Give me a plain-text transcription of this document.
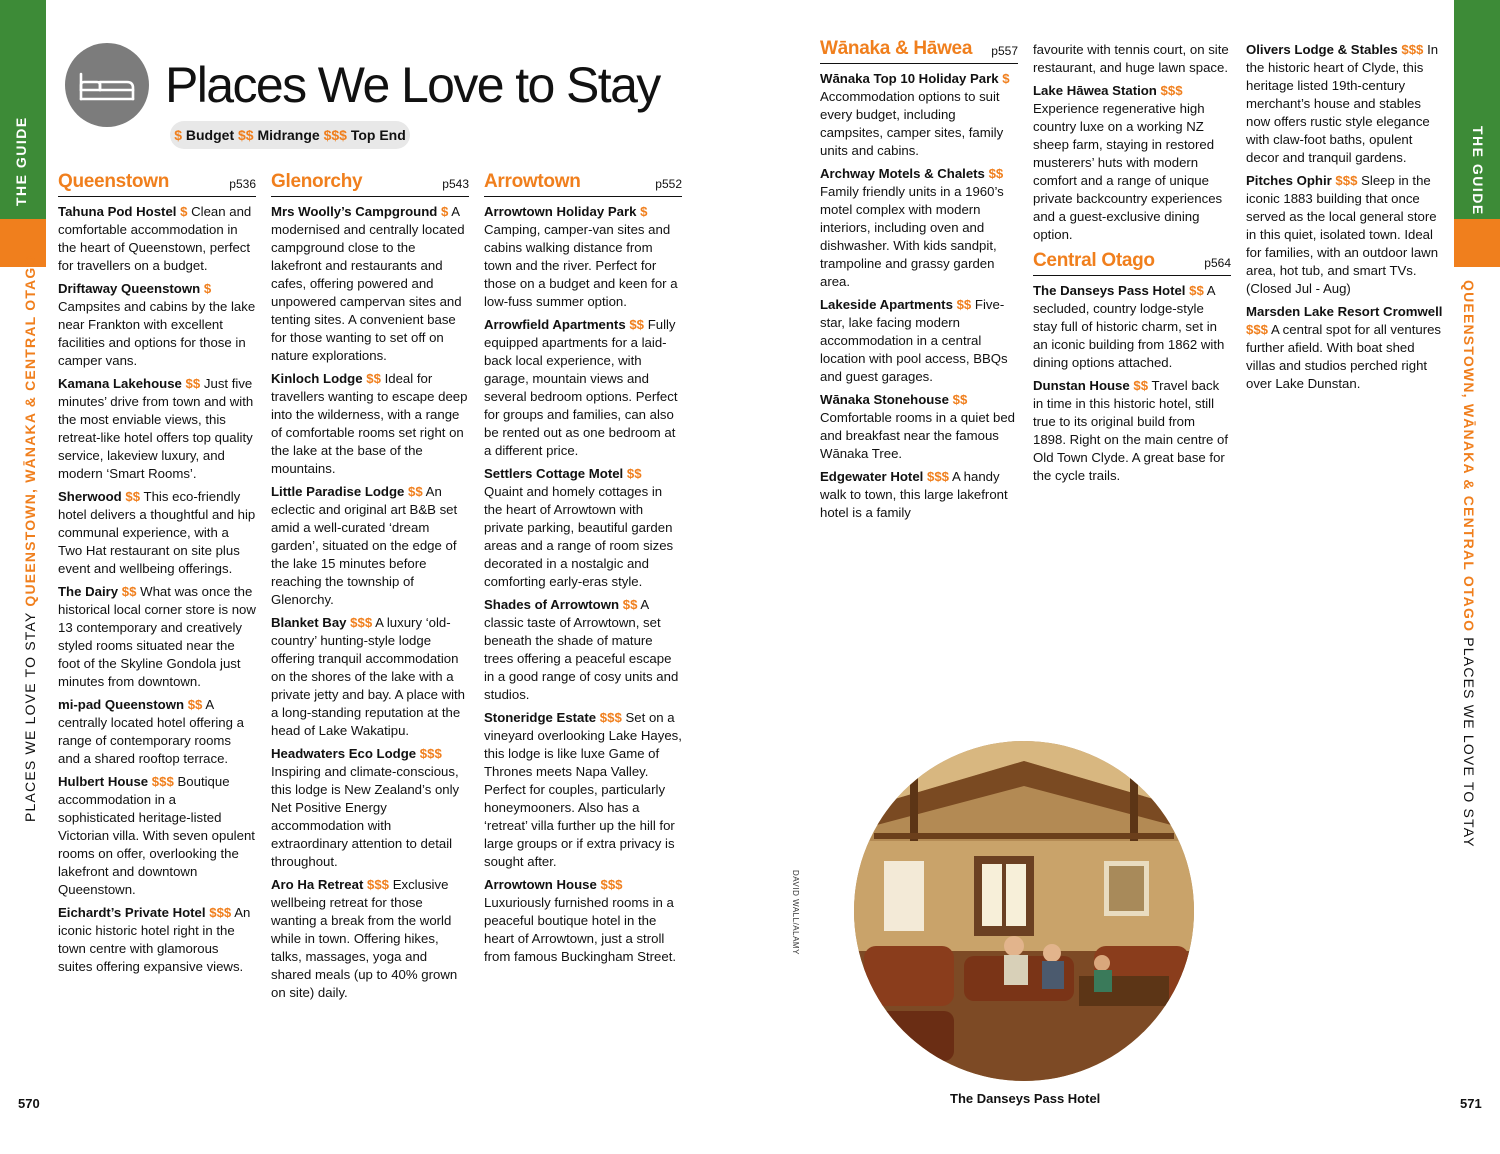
THE GUIDE
PLACES WE LOVE TO STAY QUEENSTOWN, WĀNAKA & CENTRAL OTAGO
THE GUIDE
QUEENSTOWN, WĀNAKA & CENTRAL OTAGO PLACES WE LOVE TO STAY
Places We Love to Stay
$ Budget $$ Midrange $$$ Top End
Queenstown	p536
Tahuna Pod Hostel $ Clean and comfortable accommodation in the heart of Queenstown, perfect for travellers on a budget.
Driftaway Queenstown $ Campsites and cabins by the lake near Frankton with excellent facilities and options for those in camper vans.
Kamana Lakehouse $$ Just five minutes’ drive from town and with the most enviable views, this retreat-like hotel offers top quality service, lakeview luxury, and modern ‘Smart Rooms’.
Sherwood $$ This eco-friendly hotel delivers a thoughtful and hip communal experience, with a Two Hat restaurant on site plus event and wellbeing offerings.
The Dairy $$ What was once the historical local corner store is now 13 contemporary and creatively styled rooms situated near the foot of the Skyline Gondola just minutes from downtown.
mi-pad Queenstown $$ A centrally located hotel offering a range of contemporary rooms and a shared rooftop terrace.
Hulbert House $$$ Boutique accommodation in a sophisticated heritage-listed Victorian villa. With seven opulent rooms on offer, overlooking the lakefront and downtown Queenstown.
Eichardt’s Private Hotel $$$ An iconic historic hotel right in the town centre with glamorous suites offering expansive views.
Glenorchy	p543
Mrs Woolly’s Campground $ A modernised and centrally located campground close to the lakefront and restaurants and cafes, offering powered and unpowered campervan sites and tenting sites. A convenient base for those wanting to set off on nature explorations.
Kinloch Lodge $$ Ideal for travellers wanting to escape deep into the wilderness, with a range of comfortable rooms set right on the lake at the base of the mountains.
Little Paradise Lodge $$ An eclectic and original art B&B set amid a well-curated ‘dream garden’, situated on the edge of the lake 15 minutes before reaching the township of Glenorchy.
Blanket Bay $$$ A luxury ‘old-country’ hunting-style lodge offering tranquil accommodation on the shores of the lake with a private jetty and bay. A place with a long-standing reputation at the head of Lake Wakatipu.
Headwaters Eco Lodge $$$ Inspiring and climate-conscious, this lodge is New Zealand’s only Net Positive Energy accommodation with extraordinary attention to detail throughout.
Aro Ha Retreat $$$ Exclusive wellbeing retreat for those wanting a break from the world while in town. Offering hikes, talks, massages, yoga and shared meals (up to 40% grown on site) daily.
Arrowtown	p552
Arrowtown Holiday Park $ Camping, camper-van sites and cabins walking distance from town and the river. Perfect for those on a budget and keen for a low-fuss summer option.
Arrowfield Apartments $$ Fully equipped apartments for a laid-back local experience, with garage, mountain views and several bedroom options. Perfect for groups and families, can also be rented out as one bedroom at a different price.
Settlers Cottage Motel $$ Quaint and homely cottages in the heart of Arrowtown with private parking, beautiful garden areas and a range of room sizes decorated in a nostalgic and comforting early-eras style.
Shades of Arrowtown $$ A classic taste of Arrowtown, set beneath the shade of mature trees offering a peaceful escape in a good range of cosy units and studios.
Stoneridge Estate $$$ Set on a vineyard overlooking Lake Hayes, this lodge is like luxe Game of Thrones meets Napa Valley. Perfect for couples, particularly honeymooners. Also has a ‘retreat’ villa further up the hill for large groups or if extra privacy is sought after.
Arrowtown House $$$ Luxuriously furnished rooms in a peaceful boutique hotel in the heart of Arrowtown, just a stroll from famous Buckingham Street.
Wānaka & Hāwea p557
Wānaka Top 10 Holiday Park $ Accommodation options to suit every budget, including campsites, camper sites, family units and cabins.
Archway Motels & Chalets $$ Family friendly units in a 1960’s motel complex with modern interiors, including oven and dishwasher. With kids sandpit, trampoline and grassy garden area.
Lakeside Apartments $$ Five-star, lake facing modern accommodation in a central location with pool access, BBQs and guest garages.
Wānaka Stonehouse $$ Comfortable rooms in a quiet bed and breakfast near the famous Wānaka Tree.
Edgewater Hotel $$$ A handy walk to town, this large lakefront hotel is a family
favourite with tennis court, on site restaurant, and huge lawn space.
Lake Hāwea Station $$$ Experience regenerative high country luxe on a working NZ sheep farm, staying in restored musterers’ huts with modern comfort and a range of unique private backcountry experiences and a guest-exclusive dining option.
Central Otago	p564
The Danseys Pass Hotel $$ A secluded, country lodge-style stay full of historic charm, set in an iconic building from 1862 with dining options attached.
Dunstan House $$ Travel back in time in this historic hotel, still true to its original build from 1898. Right on the main centre of Old Town Clyde. A great base for the cycle trails.
Olivers Lodge & Stables $$$ In the historic heart of Clyde, this heritage listed 19th-century merchant’s house and stables now offers rustic style elegance with claw-foot baths, opulent decor and tranquil gardens.
Pitches Ophir $$$ Sleep in the iconic 1883 building that once served as the local general store in this quiet, isolated town. Ideal for families, with an outdoor lawn area, hot tub, and smart TVs. (Closed Jul - Aug)
Marsden Lake Resort Cromwell $$$ A central spot for all ventures further afield. With boat shed villas and studios perched right over Lake Dunstan.
DAVID WALL/ALAMY
The Danseys Pass Hotel
570	571
